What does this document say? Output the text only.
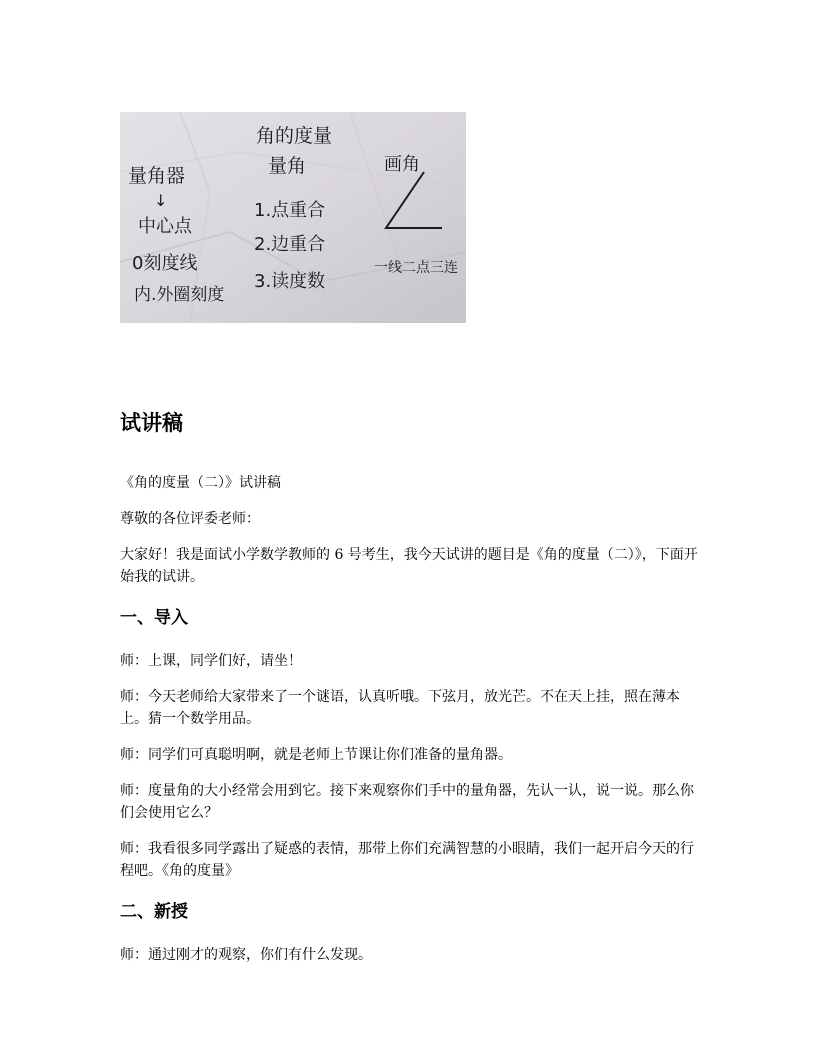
量角器
↓
中心点
0刻度线
内.外圈刻度
角的度量
量角
1.点重合
2.边重合
3.读度数
画角
一线二点三连
试讲稿

《角的度量（二）》试讲稿

尊敬的各位评委老师：

大家好！我是面试小学数学教师的 6 号考生，我今天试讲的题目是《角的度量（二）》，下面开始我的试讲。

一、导入

师：上课，同学们好，请坐！

师：今天老师给大家带来了一个谜语，认真听哦。下弦月，放光芒。不在天上挂，照在薄本上。猜一个数学用品。

师：同学们可真聪明啊，就是老师上节课让你们准备的量角器。

师：度量角的大小经常会用到它。接下来观察你们手中的量角器，先认一认，说一说。那么你们会使用它么？

师：我看很多同学露出了疑惑的表情，那带上你们充满智慧的小眼睛，我们一起开启今天的行程吧。《角的度量》

二、新授

师：通过刚才的观察，你们有什么发现。
